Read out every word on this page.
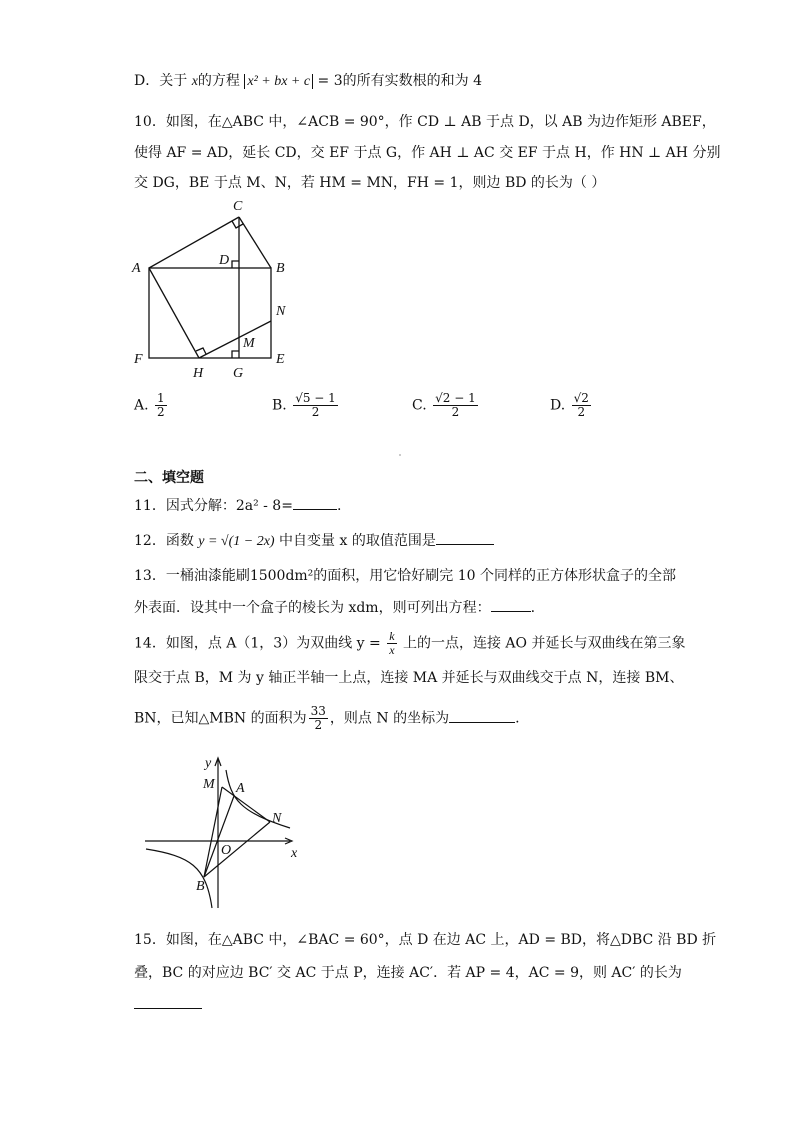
D．关于 x的方程 x² + bx + c = 3的所有实数根的和为 4
10．如图，在△ABC 中，∠ACB = 90°，作 CD ⊥ AB 于点 D，以 AB 为边作矩形 ABEF，
使得 AF = AD，延长 CD，交 EF 于点 G，作 AH ⊥ AC 交 EF 于点 H，作 HN ⊥ AH 分别
交 DG，BE 于点 M、N，若 HM = MN，FH = 1，则边 BD 的长为（ ）
C
A
D
B
N
M
F
H G
E
A. $\frac{1}{2}$	B. $\frac{√5 - 1}{2}$	C. $\frac{√2 - 1}{2}$	D. $\frac{√2}{2}$
二、填空题
11．因式分解：2a² - 8=	.
12．函数 y = √(1 − 2x) 中自变量 x 的取值范围是
13．一桶油漆能刷1500dm²的面积，用它恰好刷完 10 个同样的正方体形状盒子的全部
外表面．设其中一个盒子的棱长为 xdm，则可列出方程：	.
14．如图，点 A（1，3）为双曲线 $y = \frac{k}{x}$ 上的一点，连接 AO 并延长与双曲线在第三象
限交于点 B，M 为 y 轴正半轴一上点，连接 MA 并延长与双曲线交于点 N，连接 BM、
BN，已知△MBN 的面积为 $\frac{33}{2}$ ，则点 N 的坐标为	.
y
M A
N
O	x
B
15．如图，在△ABC 中，∠BAC = 60°，点 D 在边 AC 上，AD = BD，将△DBC 沿 BD 折
叠，BC 的对应边 BC′ 交 AC 于点 P，连接 AC′．若 AP = 4，AC = 9，则 AC′ 的长为
